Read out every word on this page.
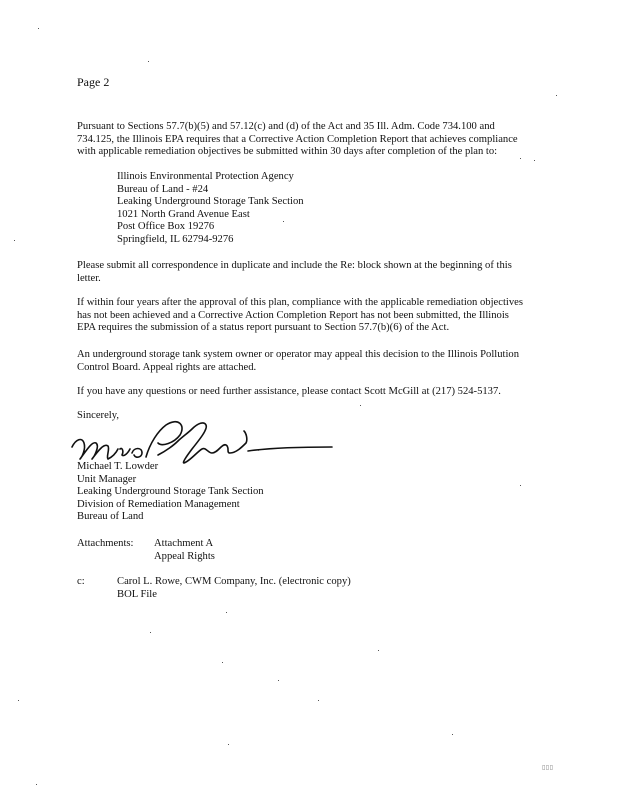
Page 2

Pursuant to Sections 57.7(b)(5) and 57.12(c) and (d) of the Act and 35 Ill. Adm. Code 734.100 and
734.125, the Illinois EPA requires that a Corrective Action Completion Report that achieves compliance
with applicable remediation objectives be submitted within 30 days after completion of the plan to:

Illinois Environmental Protection Agency
Bureau of Land - #24
Leaking Underground Storage Tank Section
1021 North Grand Avenue East
Post Office Box 19276
Springfield, IL 62794-9276

Please submit all correspondence in duplicate and include the Re: block shown at the beginning of this
letter.

If within four years after the approval of this plan, compliance with the applicable remediation objectives
has not been achieved and a Corrective Action Completion Report has not been submitted, the Illinois
EPA requires the submission of a status report pursuant to Section 57.7(b)(6) of the Act.

An underground storage tank system owner or operator may appeal this decision to the Illinois Pollution
Control Board. Appeal rights are attached.

If you have any questions or need further assistance, please contact Scott McGill at (217) 524-5137.

Sincerely,
Michael T. Lowder
Unit Manager
Leaking Underground Storage Tank Section
Division of Remediation Management
Bureau of Land
Attachments: Attachment A
Appeal Rights
c:	Carol L. Rowe, CWM Company, Inc. (electronic copy)
BOL File
▯▯▯
